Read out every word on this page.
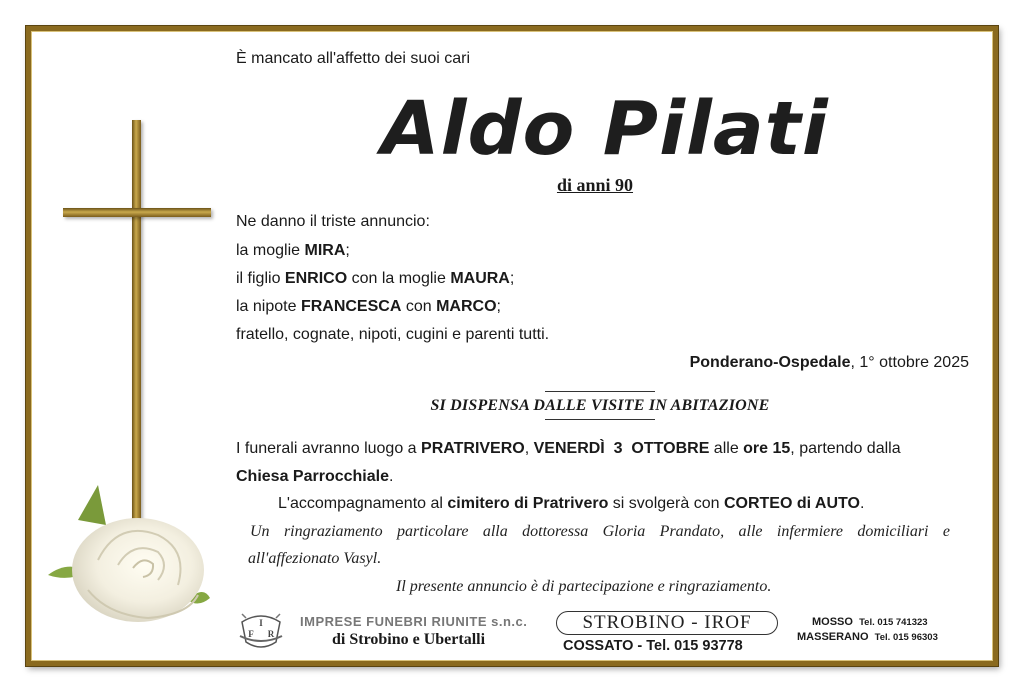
È mancato all'affetto dei suoi cari

Aldo Pilati

di anni 90

Ne danno il triste annuncio:

la moglie MIRA;

il figlio ENRICO con la moglie MAURA;

la nipote FRANCESCA con MARCO;

fratello, cognate, nipoti, cugini e parenti tutti.

Ponderano-Ospedale, 1° ottobre 2025

SI DISPENSA DALLE VISITE IN ABITAZIONE

I funerali avranno luogo a PRATRIVERO, VENERDÌ  3  OTTOBRE alle ore 15, partendo dalla

Chiesa Parrocchiale.

L'accompagnamento al cimitero di Pratrivero si svolgerà con CORTEO di AUTO.

Un ringraziamento particolare alla dottoressa Gloria Prandato, alle infermiere domiciliari e

all'affezionato Vasyl.

Il presente annuncio è di partecipazione e ringraziamento.

I
F R

IMPRESE FUNEBRI RIUNITE s.n.c.

di Strobino e Ubertalli

STROBINO - IROF

COSSATO - Tel. 015 93778

MOSSO Tel. 015 741323

MASSERANO Tel. 015 96303
